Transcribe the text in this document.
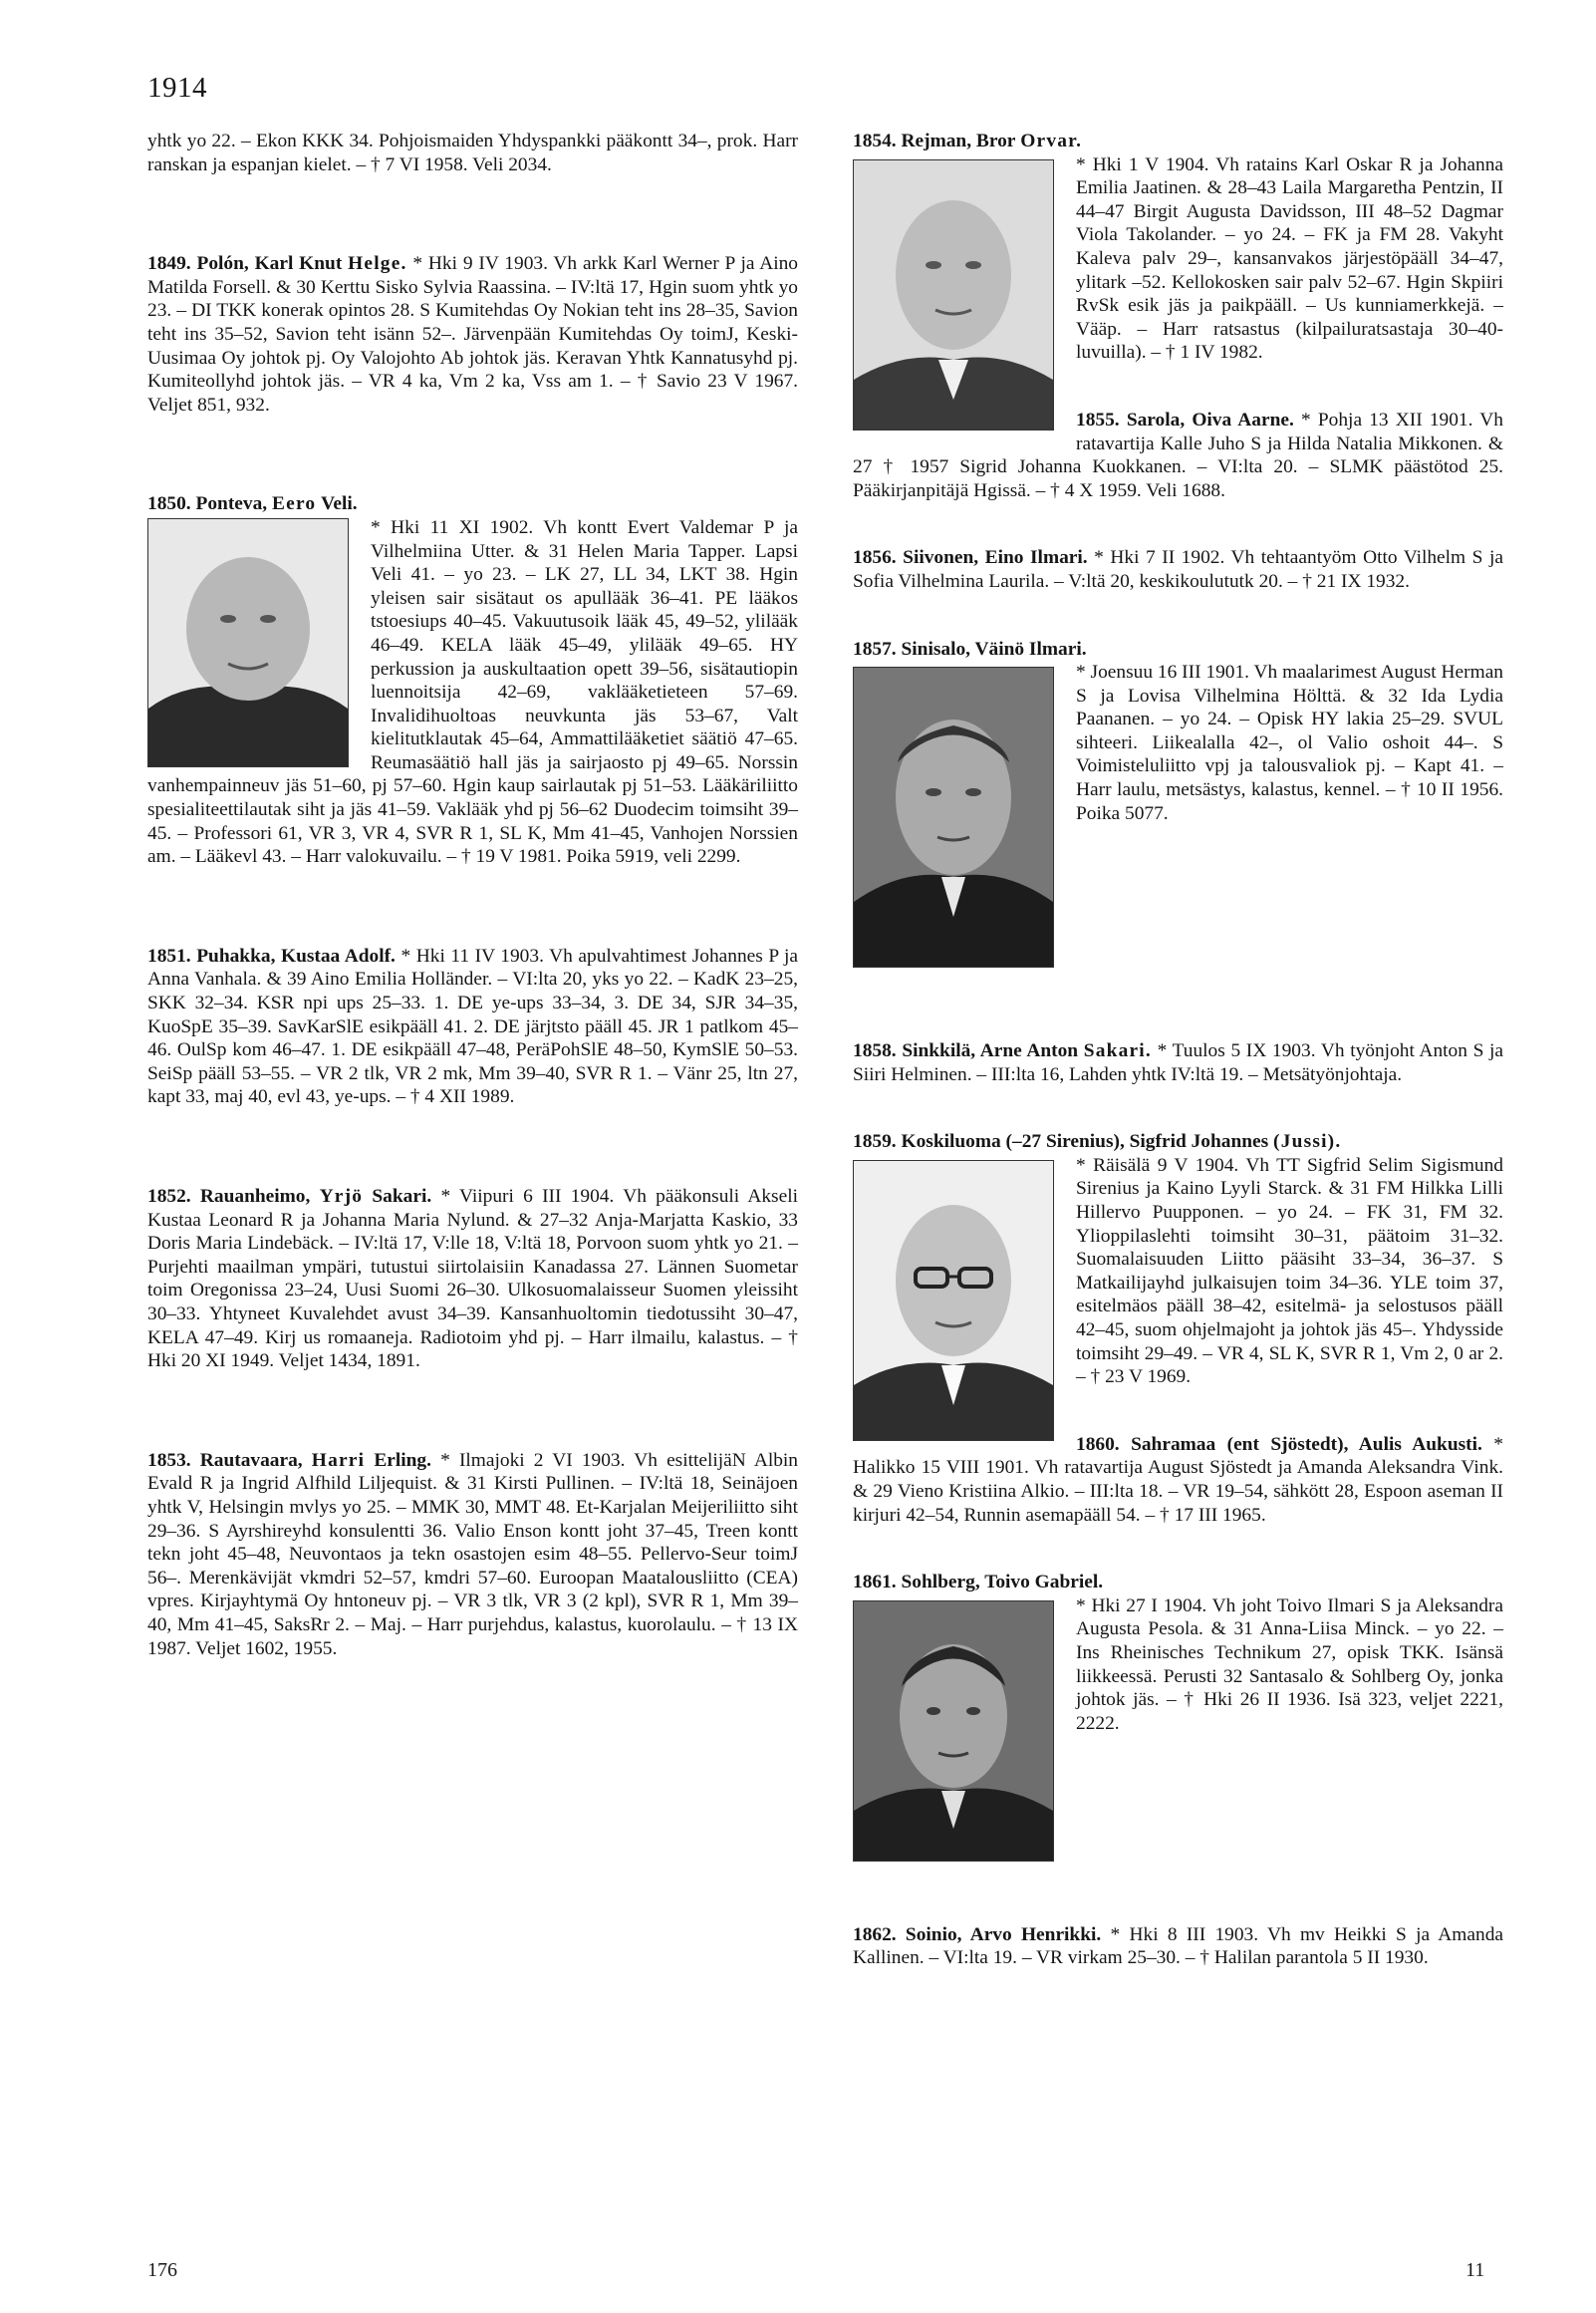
1914

yhtk yo 22. – Ekon KKK 34. Pohjoismaiden Yhdyspankki pääkontt 34–, prok. Harr ranskan ja espanjan kielet. – † 7 VI 1958. Veli 2034.

1849. Polón, Karl Knut Helge. * Hki 9 IV 1903. Vh arkk Karl Werner P ja Aino Matilda Forsell. & 30 Kerttu Sisko Sylvia Raassina. – IV:ltä 17, Hgin suom yhtk yo 23. – DI TKK konerak opintos 28. S Kumitehdas Oy Nokian teht ins 28–35, Savion teht ins 35–52, Savion teht isänn 52–. Järvenpään Kumitehdas Oy toimJ, Keski-Uusimaa Oy johtok pj. Oy Valojohto Ab johtok jäs. Keravan Yhtk Kannatusyhd pj. Kumiteollyhd johtok jäs. – VR 4 ka, Vm 2 ka, Vss am 1. – † Savio 23 V 1967. Veljet 851, 932.

1850. Ponteva, Eero Veli.

* Hki 11 XI 1902. Vh kontt Evert Valdemar P ja Vilhelmiina Utter. & 31 Helen Maria Tapper. Lapsi Veli 41. – yo 23. – LK 27, LL 34, LKT 38. Hgin yleisen sair sisätaut os apullääk 36–41. PE lääkos tstoesiups 40–45. Vakuutusoik lääk 45, 49–52, ylilääk 46–49. KELA lääk 45–49, ylilääk 49–65. HY perkussion ja auskultaation opett 39–56, sisätautiopin luennoitsija 42–69, vaklääketieteen 57–69. Invalidihuoltoas neuvkunta jäs 53–67, Valt kielitutklautak 45–64, Ammattilääketiet säätiö 47–65. Reumasäätiö hall jäs ja sairjaosto pj 49–65. Norssin vanhempainneuv jäs 51–60, pj 57–60. Hgin kaup sairlautak pj 51–53. Lääkäriliitto spesialiteettilautak siht ja jäs 41–59. Vaklääk yhd pj 56–62 Duodecim toimsiht 39–45. – Professori 61, VR 3, VR 4, SVR R 1, SL K, Mm 41–45, Vanhojen Norssien am. – Lääkevl 43. – Harr valokuvailu. – † 19 V 1981. Poika 5919, veli 2299.

1851. Puhakka, Kustaa Adolf. * Hki 11 IV 1903. Vh apulvahtimest Johannes P ja Anna Vanhala. & 39 Aino Emilia Holländer. – VI:lta 20, yks yo 22. – KadK 23–25, SKK 32–34. KSR npi ups 25–33. 1. DE ye-ups 33–34, 3. DE 34, SJR 34–35, KuoSpE 35–39. SavKarSlE esikpääll 41. 2. DE järjtsto pääll 45. JR 1 patlkom 45–46. OulSp kom 46–47. 1. DE esikpääll 47–48, PeräPohSlE 48–50, KymSlE 50–53. SeiSp pääll 53–55. – VR 2 tlk, VR 2 mk, Mm 39–40, SVR R 1. – Vänr 25, ltn 27, kapt 33, maj 40, evl 43, ye-ups. – † 4 XII 1989.

1852. Rauanheimo, Yrjö Sakari. * Viipuri 6 III 1904. Vh pääkonsuli Akseli Kustaa Leonard R ja Johanna Maria Nylund. & 27–32 Anja-Marjatta Kaskio, 33 Doris Maria Lindebäck. – IV:ltä 17, V:lle 18, V:ltä 18, Porvoon suom yhtk yo 21. – Purjehti maailman ympäri, tutustui siirtolaisiin Kanadassa 27. Lännen Suometar toim Oregonissa 23–24, Uusi Suomi 26–30. Ulkosuomalaisseur Suomen yleissiht 30–33. Yhtyneet Kuvalehdet avust 34–39. Kansanhuoltomin tiedotussiht 30–47, KELA 47–49. Kirj us romaaneja. Radiotoim yhd pj. – Harr ilmailu, kalastus. – † Hki 20 XI 1949. Veljet 1434, 1891.

1853. Rautavaara, Harri Erling. * Ilmajoki 2 VI 1903. Vh esittelijäN Albin Evald R ja Ingrid Alfhild Liljequist. & 31 Kirsti Pullinen. – IV:ltä 18, Seinäjoen yhtk V, Helsingin mvlys yo 25. – MMK 30, MMT 48. Et-Karjalan Meijeriliitto siht 29–36. S Ayrshireyhd konsulentti 36. Valio Enson kontt joht 37–45, Treen kontt tekn joht 45–48, Neuvontaos ja tekn osastojen esim 48–55. Pellervo-Seur toimJ 56–. Merenkävijät vkmdri 52–57, kmdri 57–60. Euroopan Maatalousliitto (CEA) vpres. Kirjayhtymä Oy hntoneuv pj. – VR 3 tlk, VR 3 (2 kpl), SVR R 1, Mm 39–40, Mm 41–45, SaksRr 2. – Maj. – Harr purjehdus, kalastus, kuorolaulu. – † 13 IX 1987. Veljet 1602, 1955.

1854. Rejman, Bror Orvar.

* Hki 1 V 1904. Vh ratains Karl Oskar R ja Johanna Emilia Jaatinen. & 28–43 Laila Margaretha Pentzin, II 44–47 Birgit Augusta Davidsson, III 48–52 Dagmar Viola Takolander. – yo 24. – FK ja FM 28. Vakyht Kaleva palv 29–, kansanvakos järjestöpääll 34–47, ylitark –52. Kellokosken sair palv 52–67. Hgin Skpiiri RvSk esik jäs ja paikpääll. – Us kunniamerkkejä. – Vääp. – Harr ratsastus (kilpailuratsastaja 30–40-luvuilla). – † 1 IV 1982.

1855. Sarola, Oiva Aarne. * Pohja 13 XII 1901. Vh ratavartija Kalle Juho S ja Hilda Natalia Mikkonen. & 27 † 1957 Sigrid Johanna Kuokkanen. – VI:lta 20. – SLMK päästötod 25. Pääkirjanpitäjä Hgissä. – † 4 X 1959. Veli 1688.

1856. Siivonen, Eino Ilmari. * Hki 7 II 1902. Vh tehtaantyöm Otto Vilhelm S ja Sofia Vilhelmina Laurila. – V:ltä 20, keskikoulututk 20. – † 21 IX 1932.

1857. Sinisalo, Väinö Ilmari.

* Joensuu 16 III 1901. Vh maalarimest August Herman S ja Lovisa Vilhelmina Hölttä. & 32 Ida Lydia Paananen. – yo 24. – Opisk HY lakia 25–29. SVUL sihteeri. Liikealalla 42–, ol Valio oshoit 44–. S Voimisteluliitto vpj ja talousvaliok pj. – Kapt 41. – Harr laulu, metsästys, kalastus, kennel. – † 10 II 1956. Poika 5077.

1858. Sinkkilä, Arne Anton Sakari. * Tuulos 5 IX 1903. Vh työnjoht Anton S ja Siiri Helminen. – III:lta 16, Lahden yhtk IV:ltä 19. – Metsätyönjohtaja.

1859. Koskiluoma (–27 Sirenius), Sigfrid Johannes (Jussi).

* Räisälä 9 V 1904. Vh TT Sigfrid Selim Sigismund Sirenius ja Kaino Lyyli Starck. & 31 FM Hilkka Lilli Hillervo Puupponen. – yo 24. – FK 31, FM 32. Ylioppilaslehti toimsiht 30–31, päätoim 31–32. Suomalaisuuden Liitto pääsiht 33–34, 36–37. S Matkailijayhd julkaisujen toim 34–36. YLE toim 37, esitelmäos pääll 38–42, esitelmä- ja selostusos pääll 42–45, suom ohjelmajoht ja johtok jäs 45–. Yhdysside toimsiht 29–49. – VR 4, SL K, SVR R 1, Vm 2, 0 ar 2. – † 23 V 1969.

1860. Sahramaa (ent Sjöstedt), Aulis Aukusti. * Halikko 15 VIII 1901. Vh ratavartija August Sjöstedt ja Amanda Aleksandra Vink. & 29 Vieno Kristiina Alkio. – III:lta 18. – VR 19–54, sähkött 28, Espoon aseman II kirjuri 42–54, Runnin asemapääll 54. – † 17 III 1965.

1861. Sohlberg, Toivo Gabriel.

* Hki 27 I 1904. Vh joht Toivo Ilmari S ja Aleksandra Augusta Pesola. & 31 Anna-Liisa Minck. – yo 22. – Ins Rheinisches Technikum 27, opisk TKK. Isänsä liikkeessä. Perusti 32 Santasalo & Sohlberg Oy, jonka johtok jäs. – † Hki 26 II 1936. Isä 323, veljet 2221, 2222.

1862. Soinio, Arvo Henrikki. * Hki 8 III 1903. Vh mv Heikki S ja Amanda Kallinen. – VI:lta 19. – VR virkam 25–30. – † Halilan parantola 5 II 1930.

176	11
